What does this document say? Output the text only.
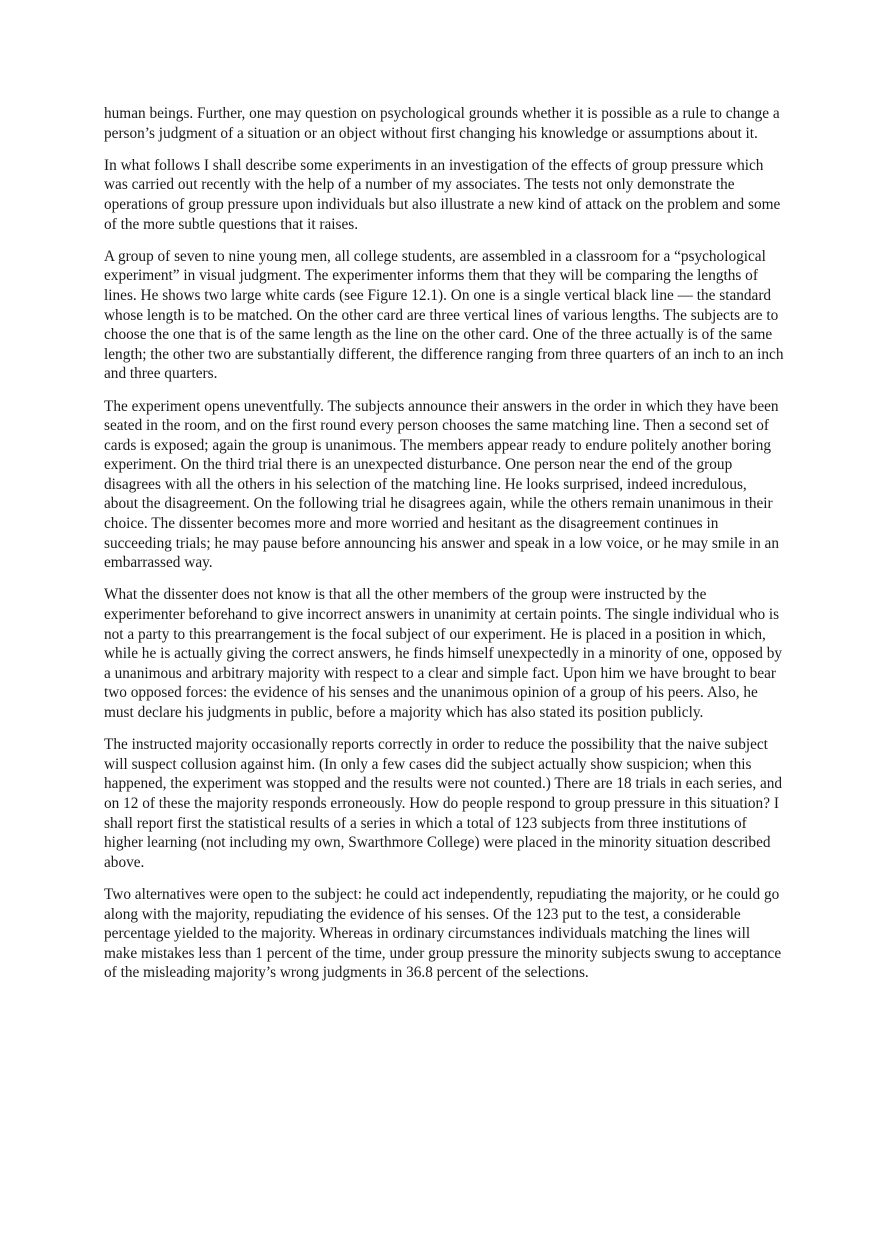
human beings. Further, one may question on psychological grounds whether it is possible as a rule to change a person’s judgment of a situation or an object without first changing his knowledge or assumptions about it.

In what follows I shall describe some experiments in an investigation of the effects of group pressure which was carried out recently with the help of a number of my associates. The tests not only demonstrate the operations of group pressure upon individuals but also illustrate a new kind of attack on the problem and some of the more subtle questions that it raises.

A group of seven to nine young men, all college students, are assembled in a classroom for a “psychological experiment” in visual judgment. The experimenter informs them that they will be comparing the lengths of lines. He shows two large white cards (see Figure 12.1). On one is a single vertical black line — the standard whose length is to be matched. On the other card are three vertical lines of various lengths. The subjects are to choose the one that is of the same length as the line on the other card. One of the three actually is of the same length; the other two are substantially different, the difference ranging from three quarters of an inch to an inch and three quarters.

The experiment opens uneventfully. The subjects announce their answers in the order in which they have been seated in the room, and on the first round every person chooses the same matching line. Then a second set of cards is exposed; again the group is unanimous. The members appear ready to endure politely another boring experiment. On the third trial there is an unexpected disturbance. One person near the end of the group disagrees with all the others in his selection of the matching line. He looks surprised, indeed incredulous, about the disagreement. On the following trial he disagrees again, while the others remain unanimous in their choice. The dissenter becomes more and more worried and hesitant as the disagreement continues in succeeding trials; he may pause before announcing his answer and speak in a low voice, or he may smile in an embarrassed way.

What the dissenter does not know is that all the other members of the group were instructed by the experimenter beforehand to give incorrect answers in unanimity at certain points. The single individual who is not a party to this prearrangement is the focal subject of our experiment. He is placed in a position in which, while he is actually giving the correct answers, he finds himself unexpectedly in a minority of one, opposed by a unanimous and arbitrary majority with respect to a clear and simple fact. Upon him we have brought to bear two opposed forces: the evidence of his senses and the unanimous opinion of a group of his peers. Also, he must declare his judgments in public, before a majority which has also stated its position publicly.

The instructed majority occasionally reports correctly in order to reduce the possibility that the naive subject will suspect collusion against him. (In only a few cases did the subject actually show suspicion; when this happened, the experiment was stopped and the results were not counted.) There are 18 trials in each series, and on 12 of these the majority responds erroneously. How do people respond to group pressure in this situation? I shall report first the statistical results of a series in which a total of 123 subjects from three institutions of higher learning (not including my own, Swarthmore College) were placed in the minority situation described above.

Two alternatives were open to the subject: he could act independently, repudiating the majority, or he could go along with the majority, repudiating the evidence of his senses. Of the 123 put to the test, a considerable percentage yielded to the majority. Whereas in ordinary circumstances individuals matching the lines will make mistakes less than 1 percent of the time, under group pressure the minority subjects swung to acceptance of the misleading majority’s wrong judgments in 36.8 percent of the selections.
